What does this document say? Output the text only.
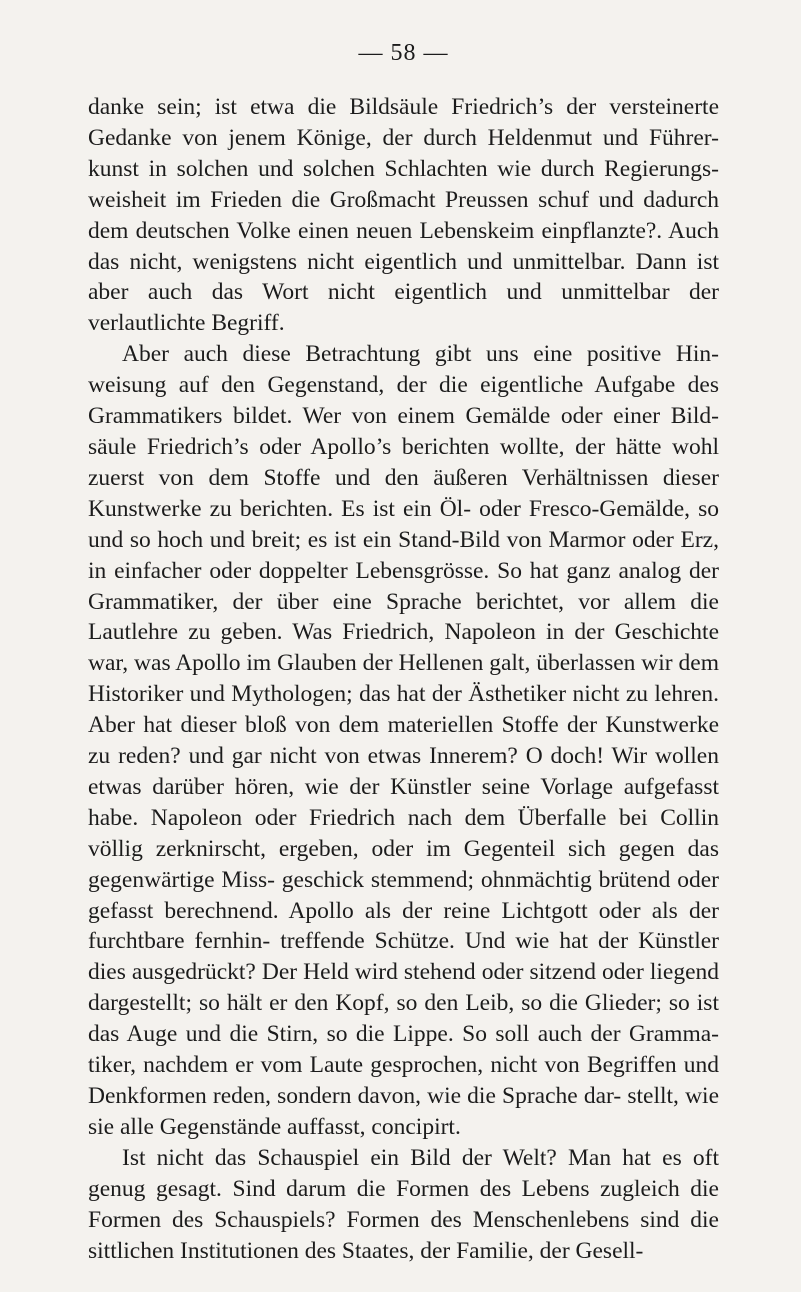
— 58 —

danke sein; ist etwa die Bildsäule Friedrich’s der versteinerte Gedanke von jenem Könige, der durch Heldenmut und Führer- kunst in solchen und solchen Schlachten wie durch Regierungs- weisheit im Frieden die Großmacht Preussen schuf und dadurch dem deutschen Volke einen neuen Lebenskeim einpflanzte?. Auch das nicht, wenigstens nicht eigentlich und unmittelbar. Dann ist aber auch das Wort nicht eigentlich und unmittelbar der verlautlichte Begriff.

Aber auch diese Betrachtung gibt uns eine positive Hin- weisung auf den Gegenstand, der die eigentliche Aufgabe des Grammatikers bildet. Wer von einem Gemälde oder einer Bild- säule Friedrich’s oder Apollo’s berichten wollte, der hätte wohl zuerst von dem Stoffe und den äußeren Verhältnissen dieser Kunstwerke zu berichten. Es ist ein Öl- oder Fresco-Gemälde, so und so hoch und breit; es ist ein Stand-Bild von Marmor oder Erz, in einfacher oder doppelter Lebensgrösse. So hat ganz analog der Grammatiker, der über eine Sprache berichtet, vor allem die Lautlehre zu geben. Was Friedrich, Napoleon in der Geschichte war, was Apollo im Glauben der Hellenen galt, überlassen wir dem Historiker und Mythologen; das hat der Ästhetiker nicht zu lehren. Aber hat dieser bloß von dem materiellen Stoffe der Kunstwerke zu reden? und gar nicht von etwas Innerem? O doch! Wir wollen etwas darüber hören, wie der Künstler seine Vorlage aufgefasst habe. Napoleon oder Friedrich nach dem Überfalle bei Collin völlig zerknirscht, ergeben, oder im Gegenteil sich gegen das gegenwärtige Miss- geschick stemmend; ohnmächtig brütend oder gefasst berechnend. Apollo als der reine Lichtgott oder als der furchtbare fernhin- treffende Schütze. Und wie hat der Künstler dies ausgedrückt? Der Held wird stehend oder sitzend oder liegend dargestellt; so hält er den Kopf, so den Leib, so die Glieder; so ist das Auge und die Stirn, so die Lippe. So soll auch der Gramma- tiker, nachdem er vom Laute gesprochen, nicht von Begriffen und Denkformen reden, sondern davon, wie die Sprache dar- stellt, wie sie alle Gegenstände auffasst, concipirt.

Ist nicht das Schauspiel ein Bild der Welt? Man hat es oft genug gesagt. Sind darum die Formen des Lebens zugleich die Formen des Schauspiels? Formen des Menschenlebens sind die sittlichen Institutionen des Staates, der Familie, der Gesell-
